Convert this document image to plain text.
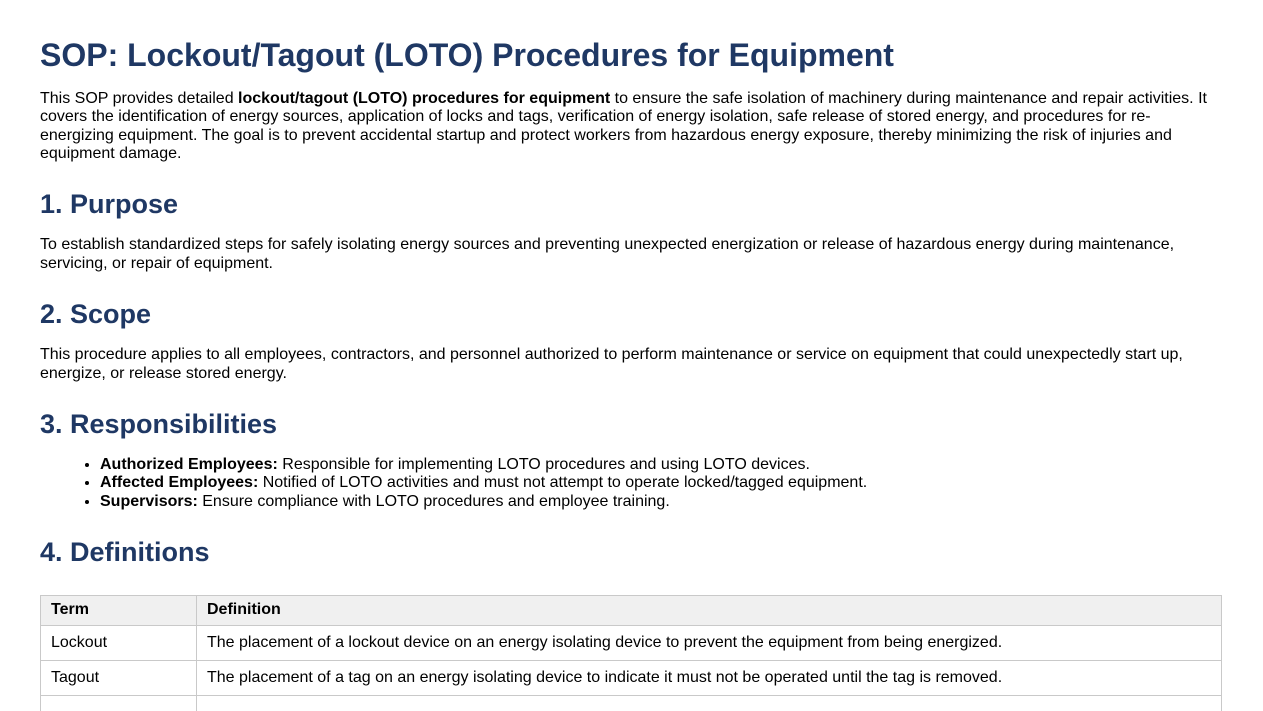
SOP: Lockout/Tagout (LOTO) Procedures for Equipment

This SOP provides detailed lockout/tagout (LOTO) procedures for equipment to ensure the safe isolation of machinery during maintenance and repair activities. It covers the identification of energy sources, application of locks and tags, verification of energy isolation, safe release of stored energy, and procedures for re-energizing equipment. The goal is to prevent accidental startup and protect workers from hazardous energy exposure, thereby minimizing the risk of injuries and equipment damage.

1. Purpose

To establish standardized steps for safely isolating energy sources and preventing unexpected energization or release of hazardous energy during maintenance, servicing, or repair of equipment.

2. Scope

This procedure applies to all employees, contractors, and personnel authorized to perform maintenance or service on equipment that could unexpectedly start up, energize, or release stored energy.

3. Responsibilities
• Authorized Employees: Responsible for implementing LOTO procedures and using LOTO devices.
• Affected Employees: Notified of LOTO activities and must not attempt to operate locked/tagged equipment.
• Supervisors: Ensure compliance with LOTO procedures and employee training.
4. Definitions
Term	Definition
Lockout	The placement of a lockout device on an energy isolating device to prevent the equipment from being energized.
Tagout	The placement of a tag on an energy isolating device to indicate it must not be operated until the tag is removed.
